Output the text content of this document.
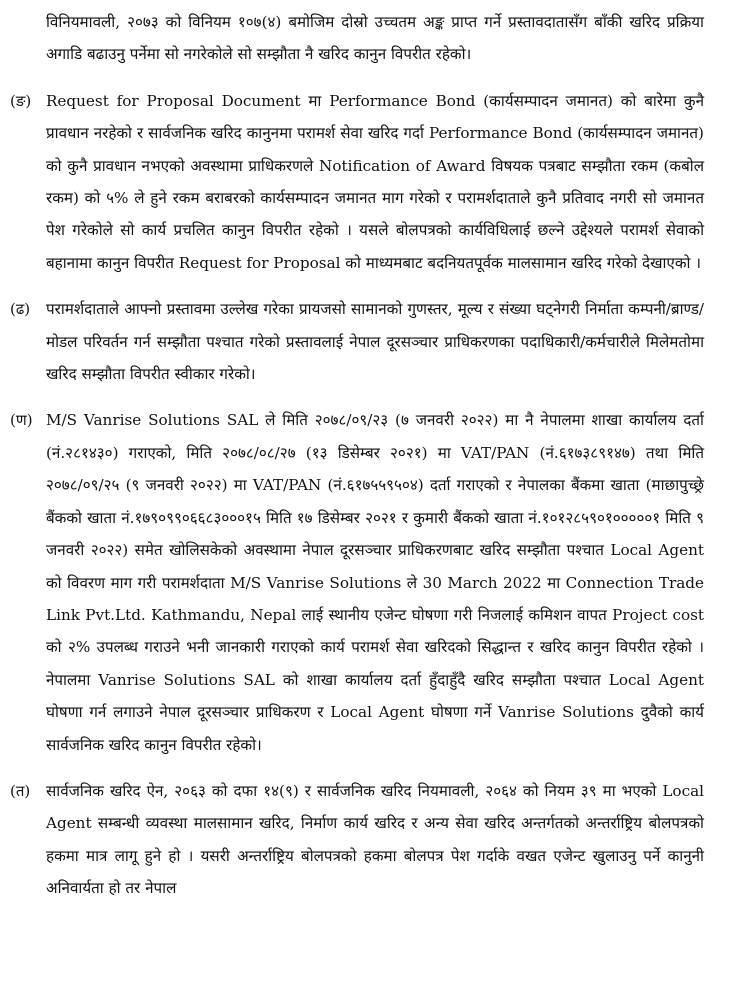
विनियमावली, २०७३ को विनियम १०७(४) बमोजिम दोस्रो उच्चतम अङ्क प्राप्त गर्ने प्रस्तावदातासँग बाँकी खरिद प्रक्रिया अगाडि बढाउनु पर्नेमा सो नगरेकोले सो सम्झौता नै खरिद कानुन विपरीत रहेको।
(ङ) Request for Proposal Document मा Performance Bond (कार्यसम्पादन जमानत) को बारेमा कुनै प्रावधान नरहेको र सार्वजनिक खरिद कानुनमा परामर्श सेवा खरिद गर्दा Performance Bond (कार्यसम्पादन जमानत) को कुनै प्रावधान नभएको अवस्थामा प्राधिकरणले Notification of Award विषयक पत्रबाट सम्झौता रकम (कबोल रकम) को ५% ले हुने रकम बराबरको कार्यसम्पादन जमानत माग गरेको र परामर्शदाताले कुनै प्रतिवाद नगरी सो जमानत पेश गरेकोले सो कार्य प्रचलित कानुन विपरीत रहेको । यसले बोलपत्रको कार्यविधिलाई छल्ने उद्देश्यले परामर्श सेवाको बहानामा कानुन विपरीत Request for Proposal को माध्यमबाट बदनियतपूर्वक मालसामान खरिद गरेको देखाएको ।
(ढ) परामर्शदाताले आफ्नो प्रस्तावमा उल्लेख गरेका प्रायजसो सामानको गुणस्तर, मूल्य र संख्या घट्नेगरी निर्माता कम्पनी/ब्राण्ड/मोडल परिवर्तन गर्न सम्झौता पश्चात गरेको प्रस्तावलाई नेपाल दूरसञ्चार प्राधिकरणका पदाधिकारी/कर्मचारीले मिलेमतोमा खरिद सम्झौता विपरीत स्वीकार गरेको।
(ण) M/S Vanrise Solutions SAL ले मिति २०७८/०९/२३ (७ जनवरी २०२२) मा नै नेपालमा शाखा कार्यालय दर्ता (नं.२८१४३०) गराएको, मिति २०७८/०८/२७ (१३ डिसेम्बर २०२१) मा VAT/PAN (नं.६१७३८९१४७) तथा मिति २०७८/०९/२५ (९ जनवरी २०२२) मा VAT/PAN (नं.६१७५५९५०४) दर्ता गराएको र नेपालका बैंकमा खाता (माछापुच्छ्रे बैंकको खाता नं.१७९०९९०६६८३०००१५ मिति १७ डिसेम्बर २०२१ र कुमारी बैंकको खाता नं.१०१२८५९०१०००००१ मिति ९ जनवरी २०२२) समेत खोलिसकेको अवस्थामा नेपाल दूरसञ्चार प्राधिकरणबाट खरिद सम्झौता पश्चात Local Agent को विवरण माग गरी परामर्शदाता M/S Vanrise Solutions ले 30 March 2022 मा Connection Trade Link Pvt.Ltd. Kathmandu, Nepal लाई स्थानीय एजेन्ट घोषणा गरी निजलाई कमिशन वापत Project cost को २% उपलब्ध गराउने भनी जानकारी गराएको कार्य परामर्श सेवा खरिदको सिद्धान्त र खरिद कानुन विपरीत रहेको । नेपालमा Vanrise Solutions SAL को शाखा कार्यालय दर्ता हुँदाहुँदै खरिद सम्झौता पश्चात Local Agent घोषणा गर्न लगाउने नेपाल दूरसञ्चार प्राधिकरण र Local Agent घोषणा गर्ने Vanrise Solutions दुवैको कार्य सार्वजनिक खरिद कानुन विपरीत रहेको।
(त) सार्वजनिक खरिद ऐन, २०६३ को दफा १४(९) र सार्वजनिक खरिद नियमावली, २०६४ को नियम ३९ मा भएको Local Agent सम्बन्धी व्यवस्था मालसामान खरिद, निर्माण कार्य खरिद र अन्य सेवा खरिद अन्तर्गतको अन्तर्राष्ट्रिय बोलपत्रको हकमा मात्र लागू हुने हो । यसरी अन्तर्राष्ट्रिय बोलपत्रको हकमा बोलपत्र पेश गर्दाके वखत एजेन्ट खुलाउनु पर्ने कानुनी अनिवार्यता हो तर नेपाल
